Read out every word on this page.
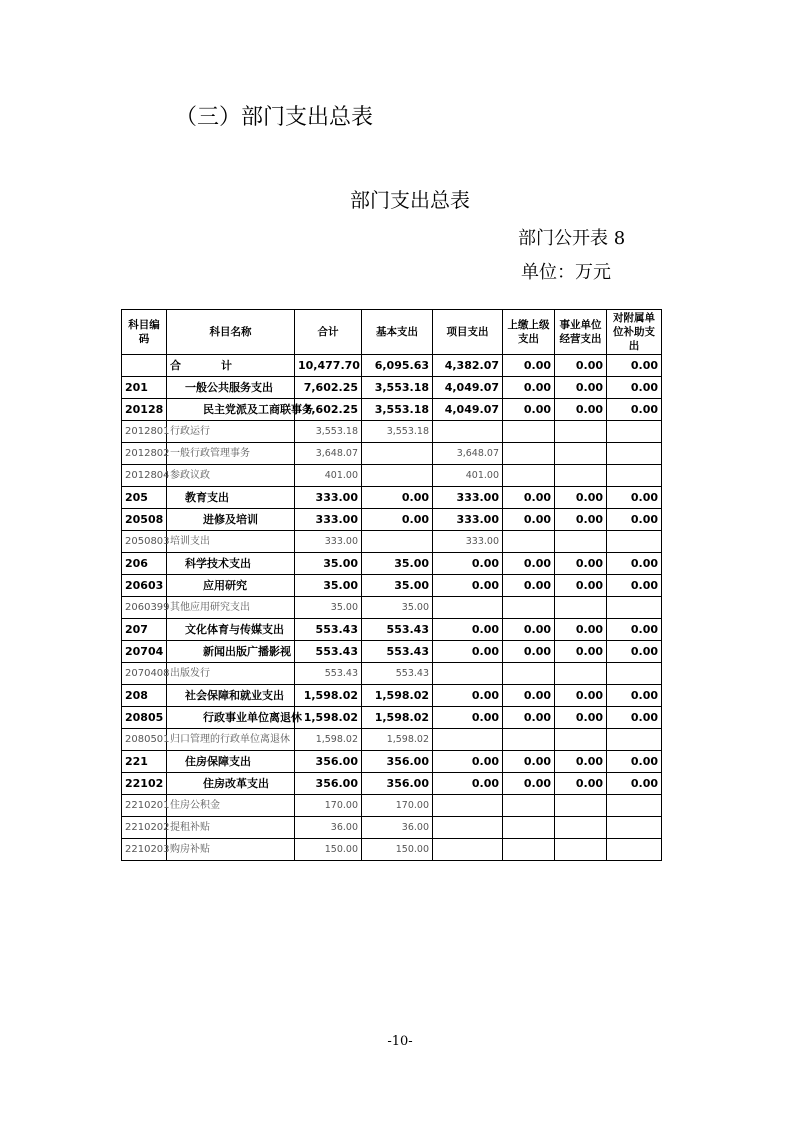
（三）部门支出总表
部门支出总表
部门公开表 8
单位：万元
科目编码	科目名称	合计	基本支出	项目支出	上缴上级支出	事业单位经营支出	对附属单位补助支出
	合 计	10,477.70	6,095.63	4,382.07	0.00	0.00	0.00
201	一般公共服务支出	7,602.25	3,553.18	4,049.07	0.00	0.00	0.00
20128	民主党派及工商联事务	7,602.25	3,553.18	4,049.07	0.00	0.00	0.00
2012801	行政运行	3,553.18	3,553.18				
2012802	一般行政管理事务	3,648.07		3,648.07			
2012804	参政议政	401.00		401.00			
205	教育支出	333.00	0.00	333.00	0.00	0.00	0.00
20508	进修及培训	333.00	0.00	333.00	0.00	0.00	0.00
2050803	培训支出	333.00		333.00			
206	科学技术支出	35.00	35.00	0.00	0.00	0.00	0.00
20603	应用研究	35.00	35.00	0.00	0.00	0.00	0.00
2060399	其他应用研究支出	35.00	35.00				
207	文化体育与传媒支出	553.43	553.43	0.00	0.00	0.00	0.00
20704	新闻出版广播影视	553.43	553.43	0.00	0.00	0.00	0.00
2070408	出版发行	553.43	553.43				
208	社会保障和就业支出	1,598.02	1,598.02	0.00	0.00	0.00	0.00
20805	行政事业单位离退休	1,598.02	1,598.02	0.00	0.00	0.00	0.00
2080501	归口管理的行政单位离退休	1,598.02	1,598.02				
221	住房保障支出	356.00	356.00	0.00	0.00	0.00	0.00
22102	住房改革支出	356.00	356.00	0.00	0.00	0.00	0.00
2210201	住房公积金	170.00	170.00				
2210202	提租补贴	36.00	36.00				
2210203	购房补贴	150.00	150.00				
-10-
